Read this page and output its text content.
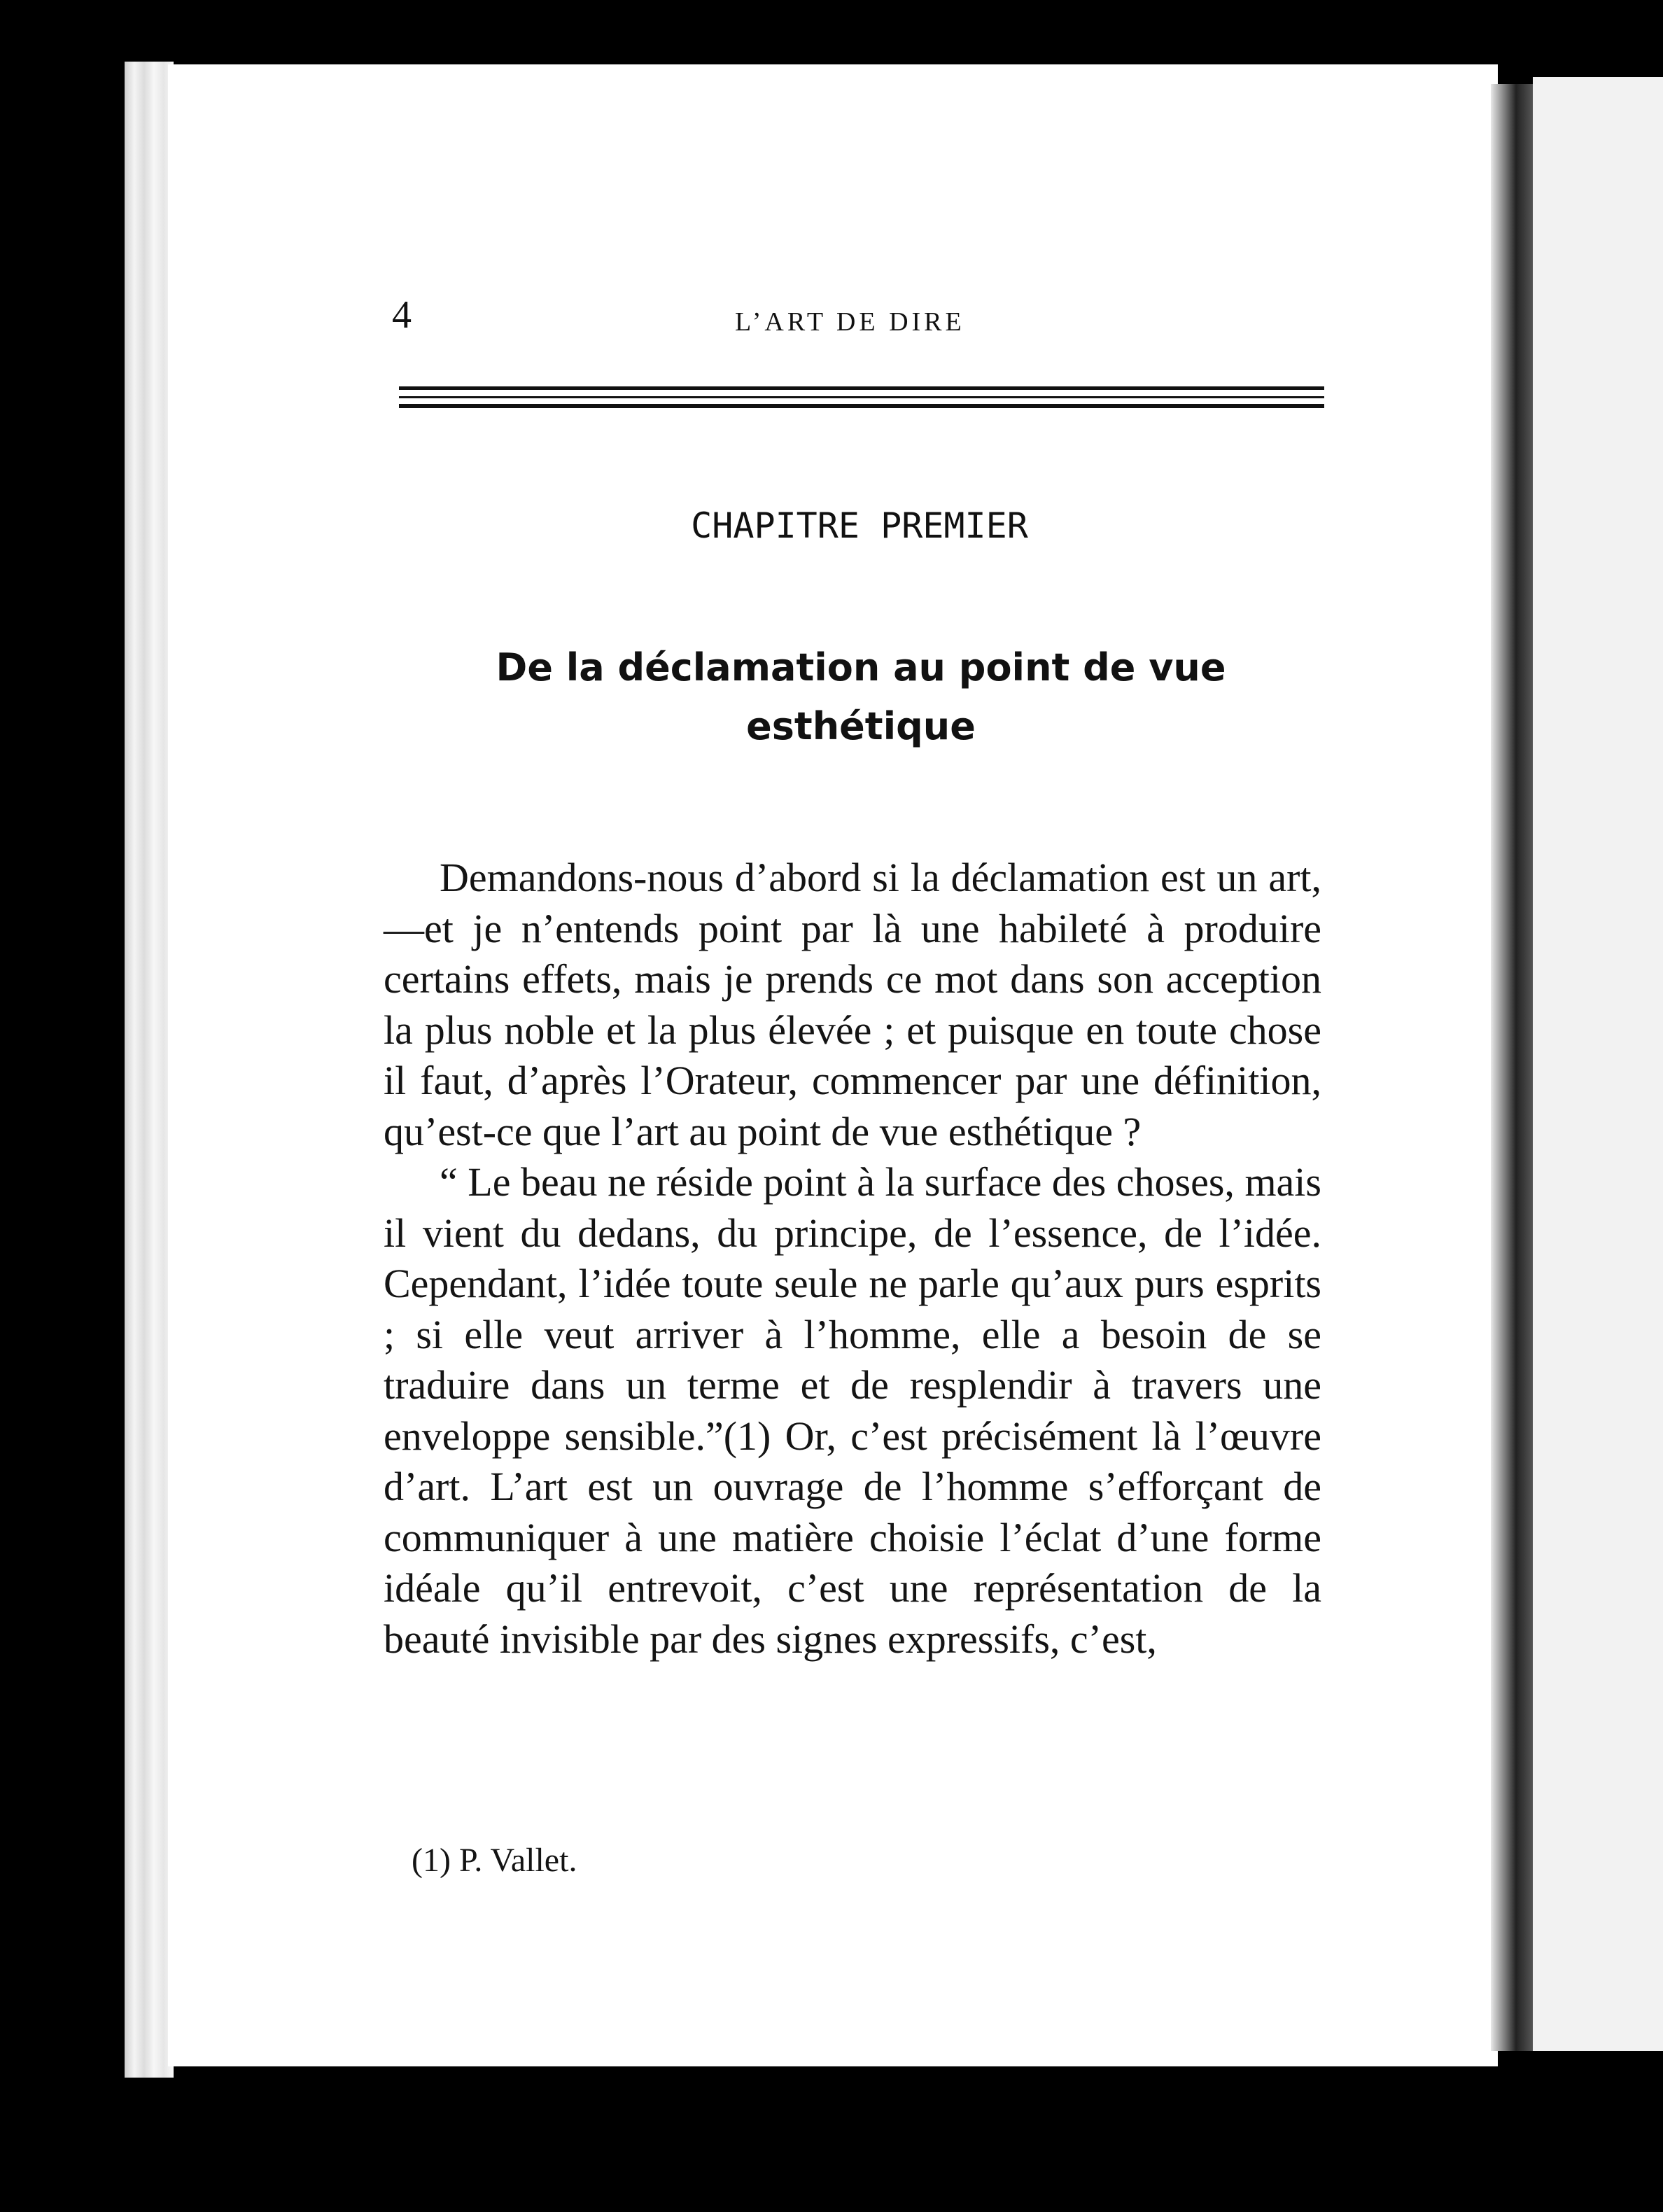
4	L’ART DE DIRE
CHAPITRE PREMIER
De la déclamation au point de vue esthétique

Demandons-nous d’abord si la déclamation est un art,—et je n’entends point par là une habileté à produire certains effets, mais je prends ce mot dans son acception la plus noble et la plus élevée ; et puisque en toute chose il faut, d’après l’Orateur, commencer par une définition, qu’est-ce que l’art au point de vue esthétique ?

“ Le beau ne réside point à la surface des choses, mais il vient du dedans, du principe, de l’essence, de l’idée. Cependant, l’idée toute seule ne parle qu’aux purs esprits ; si elle veut arriver à l’homme, elle a besoin de se traduire dans un terme et de resplendir à travers une enveloppe sensible.”(1) Or, c’est précisément là l’œuvre d’art. L’art est un ouvrage de l’homme s’efforçant de communiquer à une matière choisie l’éclat d’une forme idéale qu’il entrevoit, c’est une représentation de la beauté invisible par des signes expressifs, c’est,

(1) P. Vallet.
